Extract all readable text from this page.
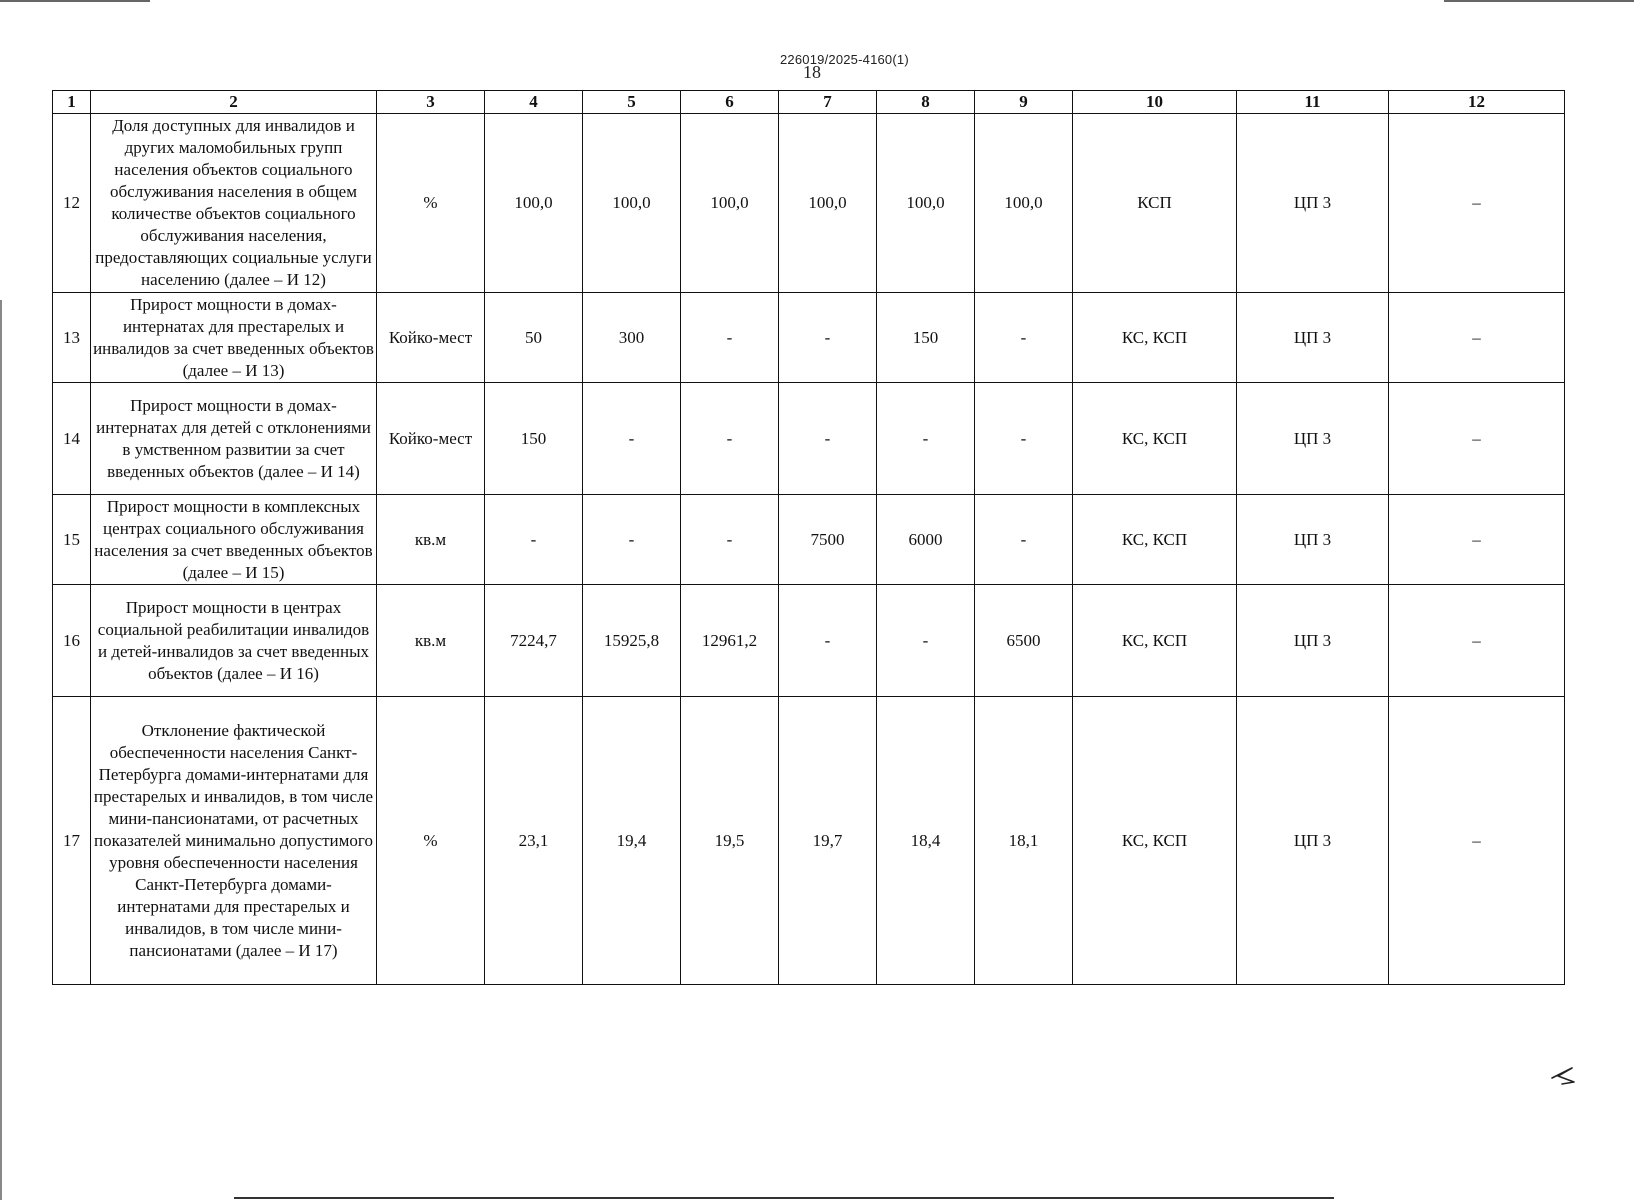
226019/2025-4160(1)
18
1	2	3	4	5	6	7	8	9	10	11	12
12	Доля доступных для инвалидов и других маломобильных групп населения объектов социального обслуживания населения в общем количестве объектов социального обслуживания населения, предоставляющих социальные услуги населению (далее – И 12)	%	100,0	100,0	100,0	100,0	100,0	100,0	КСП	ЦП 3	–
13	Прирост мощности в домах-интернатах для престарелых и инвалидов за счет введенных объектов (далее – И 13)	Койко-мест	50	300	-	-	150	-	КС, КСП	ЦП 3	–
14	Прирост мощности в домах-интернатах для детей с отклонениями в умственном развитии за счет введенных объектов (далее – И 14)	Койко-мест	150	-	-	-	-	-	КС, КСП	ЦП 3	–
15	Прирост мощности в комплексных центрах социального обслуживания населения за счет введенных объектов (далее – И 15)	кв.м	-	-	-	7500	6000	-	КС, КСП	ЦП 3	–
16	Прирост мощности в центрах социальной реабилитации инвалидов и детей-инвалидов за счет введенных объектов (далее – И 16)	кв.м	7224,7	15925,8	12961,2	-	-	6500	КС, КСП	ЦП 3	–
17	Отклонение фактической обеспеченности населения Санкт-Петербурга домами-интернатами для престарелых и инвалидов, в том числе мини-пансионатами, от расчетных показателей минимально допустимого уровня обеспеченности населения Санкт-Петербурга домами-интернатами для престарелых и инвалидов, в том числе мини-пансионатами (далее – И 17)	%	23,1	19,4	19,5	19,7	18,4	18,1	КС, КСП	ЦП 3	–
